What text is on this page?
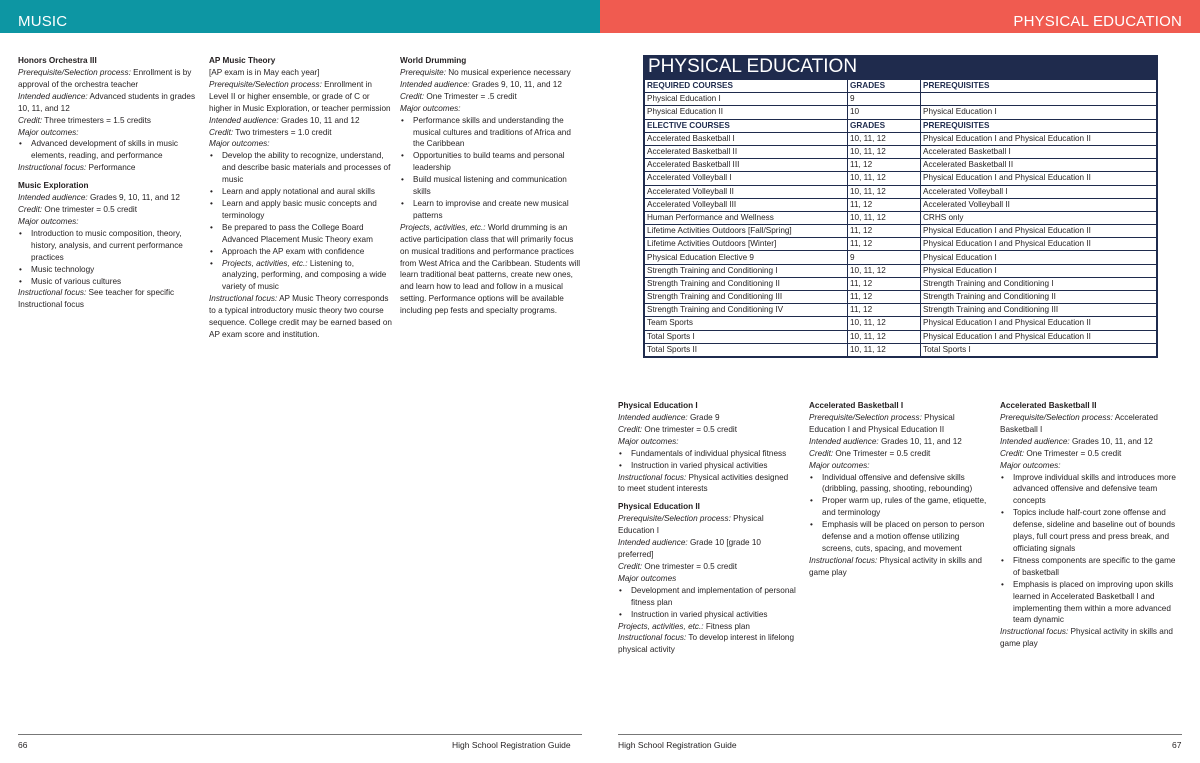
MUSIC	PHYSICAL EDUCATION
Honors Orchestra III

Prerequisite/Selection process: Enrollment is by approval of the orchestra teacher

Intended audience: Advanced students in grades 10, 11, and 12

Credit: Three trimesters = 1.5 credits

Major outcomes:

• Advanced development of skills in music elements, reading, and performance

Instructional focus: Performance

Music Exploration

Intended audience: Grades 9, 10, 11, and 12

Credit: One trimester = 0.5 credit

Major outcomes:

• Introduction to music composition, theory, history, analysis, and current performance practices
• Music technology
• Music of various cultures

Instructional focus: See teacher for specific Instructional focus

AP Music Theory

[AP exam is in May each year]

Prerequisite/Selection process: Enrollment in Level II or higher ensemble, or grade of C or higher in Music Exploration, or teacher permission

Intended audience: Grades 10, 11 and 12

Credit: Two trimesters = 1.0 credit

Major outcomes:

• Develop the ability to recognize, understand, and describe basic materials and processes of music
• Learn and apply notational and aural skills
• Learn and apply basic music concepts and terminology
• Be prepared to pass the College Board Advanced Placement Music Theory exam
• Approach the AP exam with confidence
• Projects, activities, etc.: Listening to, analyzing, performing, and composing a wide variety of music

Instructional focus: AP Music Theory corresponds to a typical introductory music theory two course sequence. College credit may be earned based on AP exam score and institution.

World Drumming

Prerequisite: No musical experience necessary

Intended audience: Grades 9, 10, 11, and 12

Credit: One Trimester = .5 credit

Major outcomes:

• Performance skills and understanding the musical cultures and traditions of Africa and the Caribbean
• Opportunities to build teams and personal leadership
• Build musical listening and communication skills
• Learn to improvise and create new musical patterns

Projects, activities, etc.: World drumming is an active participation class that will primarily focus on musical traditions and performance practices from West Africa and the Caribbean. Students will learn traditional beat patterns, create new ones, and learn how to lead and follow in a musical setting. Performance options will be available including pep fests and specialty programs.

PHYSICAL EDUCATION
REQUIRED COURSES	GRADES	PREREQUISITES
Physical Education I	9	
Physical Education II	10	Physical Education I
ELECTIVE COURSES	GRADES	PREREQUISITES
Accelerated Basketball I	10, 11, 12	Physical Education I and Physical Education II
Accelerated Basketball II	10, 11, 12	Accelerated Basketball I
Accelerated Basketball III	11, 12	Accelerated Basketball II
Accelerated Volleyball I	10, 11, 12	Physical Education I and Physical Education II
Accelerated Volleyball II	10, 11, 12	Accelerated Volleyball I
Accelerated Volleyball III	11, 12	Accelerated Volleyball II
Human Performance and Wellness	10, 11, 12	CRHS only
Lifetime Activities Outdoors [Fall/Spring]	11, 12	Physical Education I and Physical Education II
Lifetime Activities Outdoors [Winter]	11, 12	Physical Education I and Physical Education II
Physical Education Elective 9	9	Physical Education I
Strength Training and Conditioning I	10, 11, 12	Physical Education I
Strength Training and Conditioning II	11, 12	Strength Training and Conditioning I
Strength Training and Conditioning III	11, 12	Strength Training and Conditioning II
Strength Training and Conditioning IV	11, 12	Strength Training and Conditioning III
Team Sports	10, 11, 12	Physical Education I and Physical Education II
Total Sports I	10, 11, 12	Physical Education I and Physical Education II
Total Sports II	10, 11, 12	Total Sports I
Physical Education I

Intended audience: Grade 9

Credit: One trimester = 0.5 credit

Major outcomes:

• Fundamentals of individual physical fitness
• Instruction in varied physical activities

Instructional focus: Physical activities designed to meet student interests

Physical Education II

Prerequisite/Selection process: Physical Education I

Intended audience: Grade 10 [grade 10 preferred]

Credit: One trimester = 0.5 credit

Major outcomes

• Development and implementation of personal fitness plan
• Instruction in varied physical activities

Projects, activities, etc.: Fitness plan

Instructional focus: To develop interest in lifelong physical activity

Accelerated Basketball I

Prerequisite/Selection process: Physical Education I and Physical Education II

Intended audience: Grades 10, 11, and 12

Credit: One Trimester = 0.5 credit

Major outcomes:

• Individual offensive and defensive skills (dribbling, passing, shooting, rebounding)
• Proper warm up, rules of the game, etiquette, and terminology
• Emphasis will be placed on person to person defense and a motion offense utilizing screens, cuts, spacing, and movement

Instructional focus: Physical activity in skills and game play

Accelerated Basketball II

Prerequisite/Selection process: Accelerated Basketball I

Intended audience: Grades 10, 11, and 12

Credit: One Trimester = 0.5 credit

Major outcomes:

• Improve individual skills and introduces more advanced offensive and defensive team concepts
• Topics include half-court zone offense and defense, sideline and baseline out of bounds plays, full court press and press break, and officiating signals
• Fitness components are specific to the game of basketball
• Emphasis is placed on improving upon skills learned in Accelerated Basketball I and implementing them within a more advanced team dynamic

Instructional focus: Physical activity in skills and game play

66	High School Registration Guide	High School Registration Guide	67
